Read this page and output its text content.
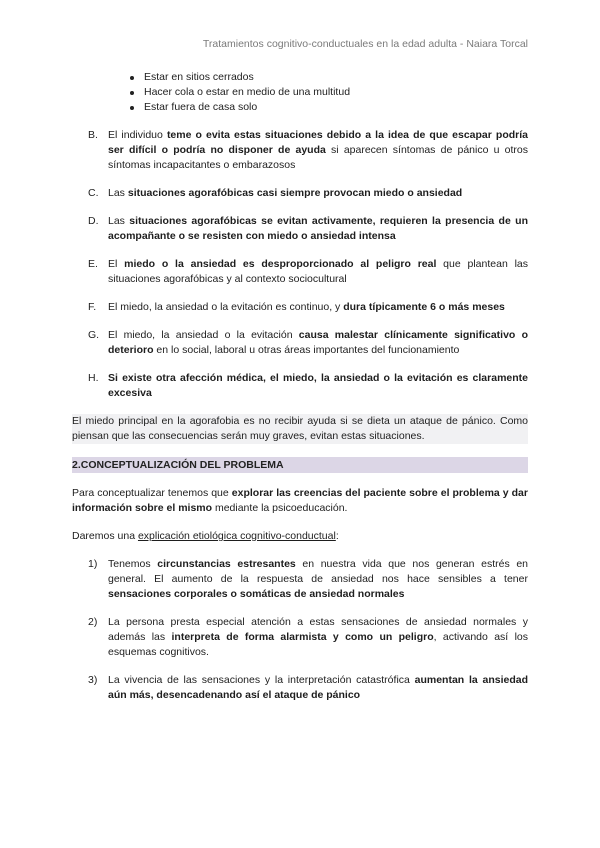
Tratamientos cognitivo-conductuales en la edad adulta - Naiara Torcal
Estar en sitios cerrados
Hacer cola o estar en medio de una multitud
Estar fuera de casa solo
B. El individuo teme o evita estas situaciones debido a la idea de que escapar podría ser difícil o podría no disponer de ayuda si aparecen síntomas de pánico u otros síntomas incapacitantes o embarazosos
C. Las situaciones agorafóbicas casi siempre provocan miedo o ansiedad
D. Las situaciones agorafóbicas se evitan activamente, requieren la presencia de un acompañante o se resisten con miedo o ansiedad intensa
E. El miedo o la ansiedad es desproporcionado al peligro real que plantean las situaciones agorafóbicas y al contexto sociocultural
F. El miedo, la ansiedad o la evitación es continuo, y dura típicamente 6 o más meses
G. El miedo, la ansiedad o la evitación causa malestar clínicamente significativo o deterioro en lo social, laboral u otras áreas importantes del funcionamiento
H. Si existe otra afección médica, el miedo, la ansiedad o la evitación es claramente excesiva
El miedo principal en la agorafobia es no recibir ayuda si se dieta un ataque de pánico. Como piensan que las consecuencias serán muy graves, evitan estas situaciones.
2.CONCEPTUALIZACIÓN DEL PROBLEMA
Para conceptualizar tenemos que explorar las creencias del paciente sobre el problema y dar información sobre el mismo mediante la psicoeducación.
Daremos una explicación etiológica cognitivo-conductual:
1) Tenemos circunstancias estresantes en nuestra vida que nos generan estrés en general. El aumento de la respuesta de ansiedad nos hace sensibles a tener sensaciones corporales o somáticas de ansiedad normales
2) La persona presta especial atención a estas sensaciones de ansiedad normales y además las interpreta de forma alarmista y como un peligro, activando así los esquemas cognitivos.
3) La vivencia de las sensaciones y la interpretación catastrófica aumentan la ansiedad aún más, desencadenando así el ataque de pánico
